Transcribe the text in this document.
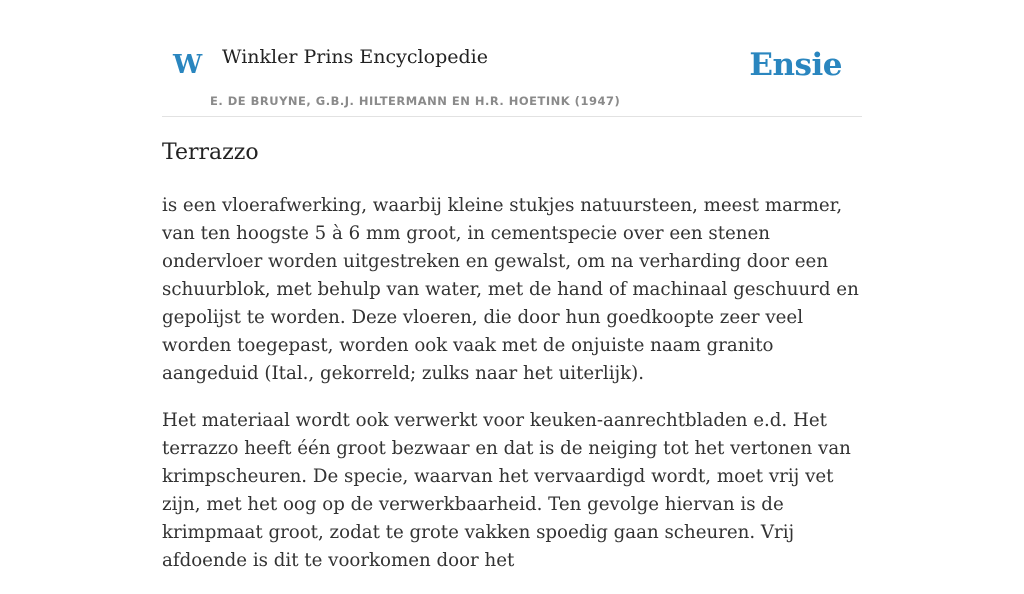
W Winkler Prins Encyclopedie
E. DE BRUYNE, G.B.J. HILTERMANN EN H.R. HOETINK (1947)
Ensie
Terrazzo

is een vloerafwerking, waarbij kleine stukjes natuursteen, meest marmer, van ten hoogste 5 à 6 mm groot, in cementspecie over een stenen ondervloer worden uitgestreken en gewalst, om na verharding door een schuurblok, met behulp van water, met de hand of machinaal geschuurd en gepolijst te worden. Deze vloeren, die door hun goedkoopte zeer veel worden toegepast, worden ook vaak met de onjuiste naam granito aangeduid (Ital., gekorreld; zulks naar het uiterlijk).

Het materiaal wordt ook verwerkt voor keuken-aanrechtbladen e.d. Het terrazzo heeft één groot bezwaar en dat is de neiging tot het vertonen van krimpscheuren. De specie, waarvan het vervaardigd wordt, moet vrij vet zijn, met het oog op de verwerkbaarheid. Ten gevolge hiervan is de krimpmaat groot, zodat te grote vakken spoedig gaan scheuren. Vrij afdoende is dit te voorkomen door het
